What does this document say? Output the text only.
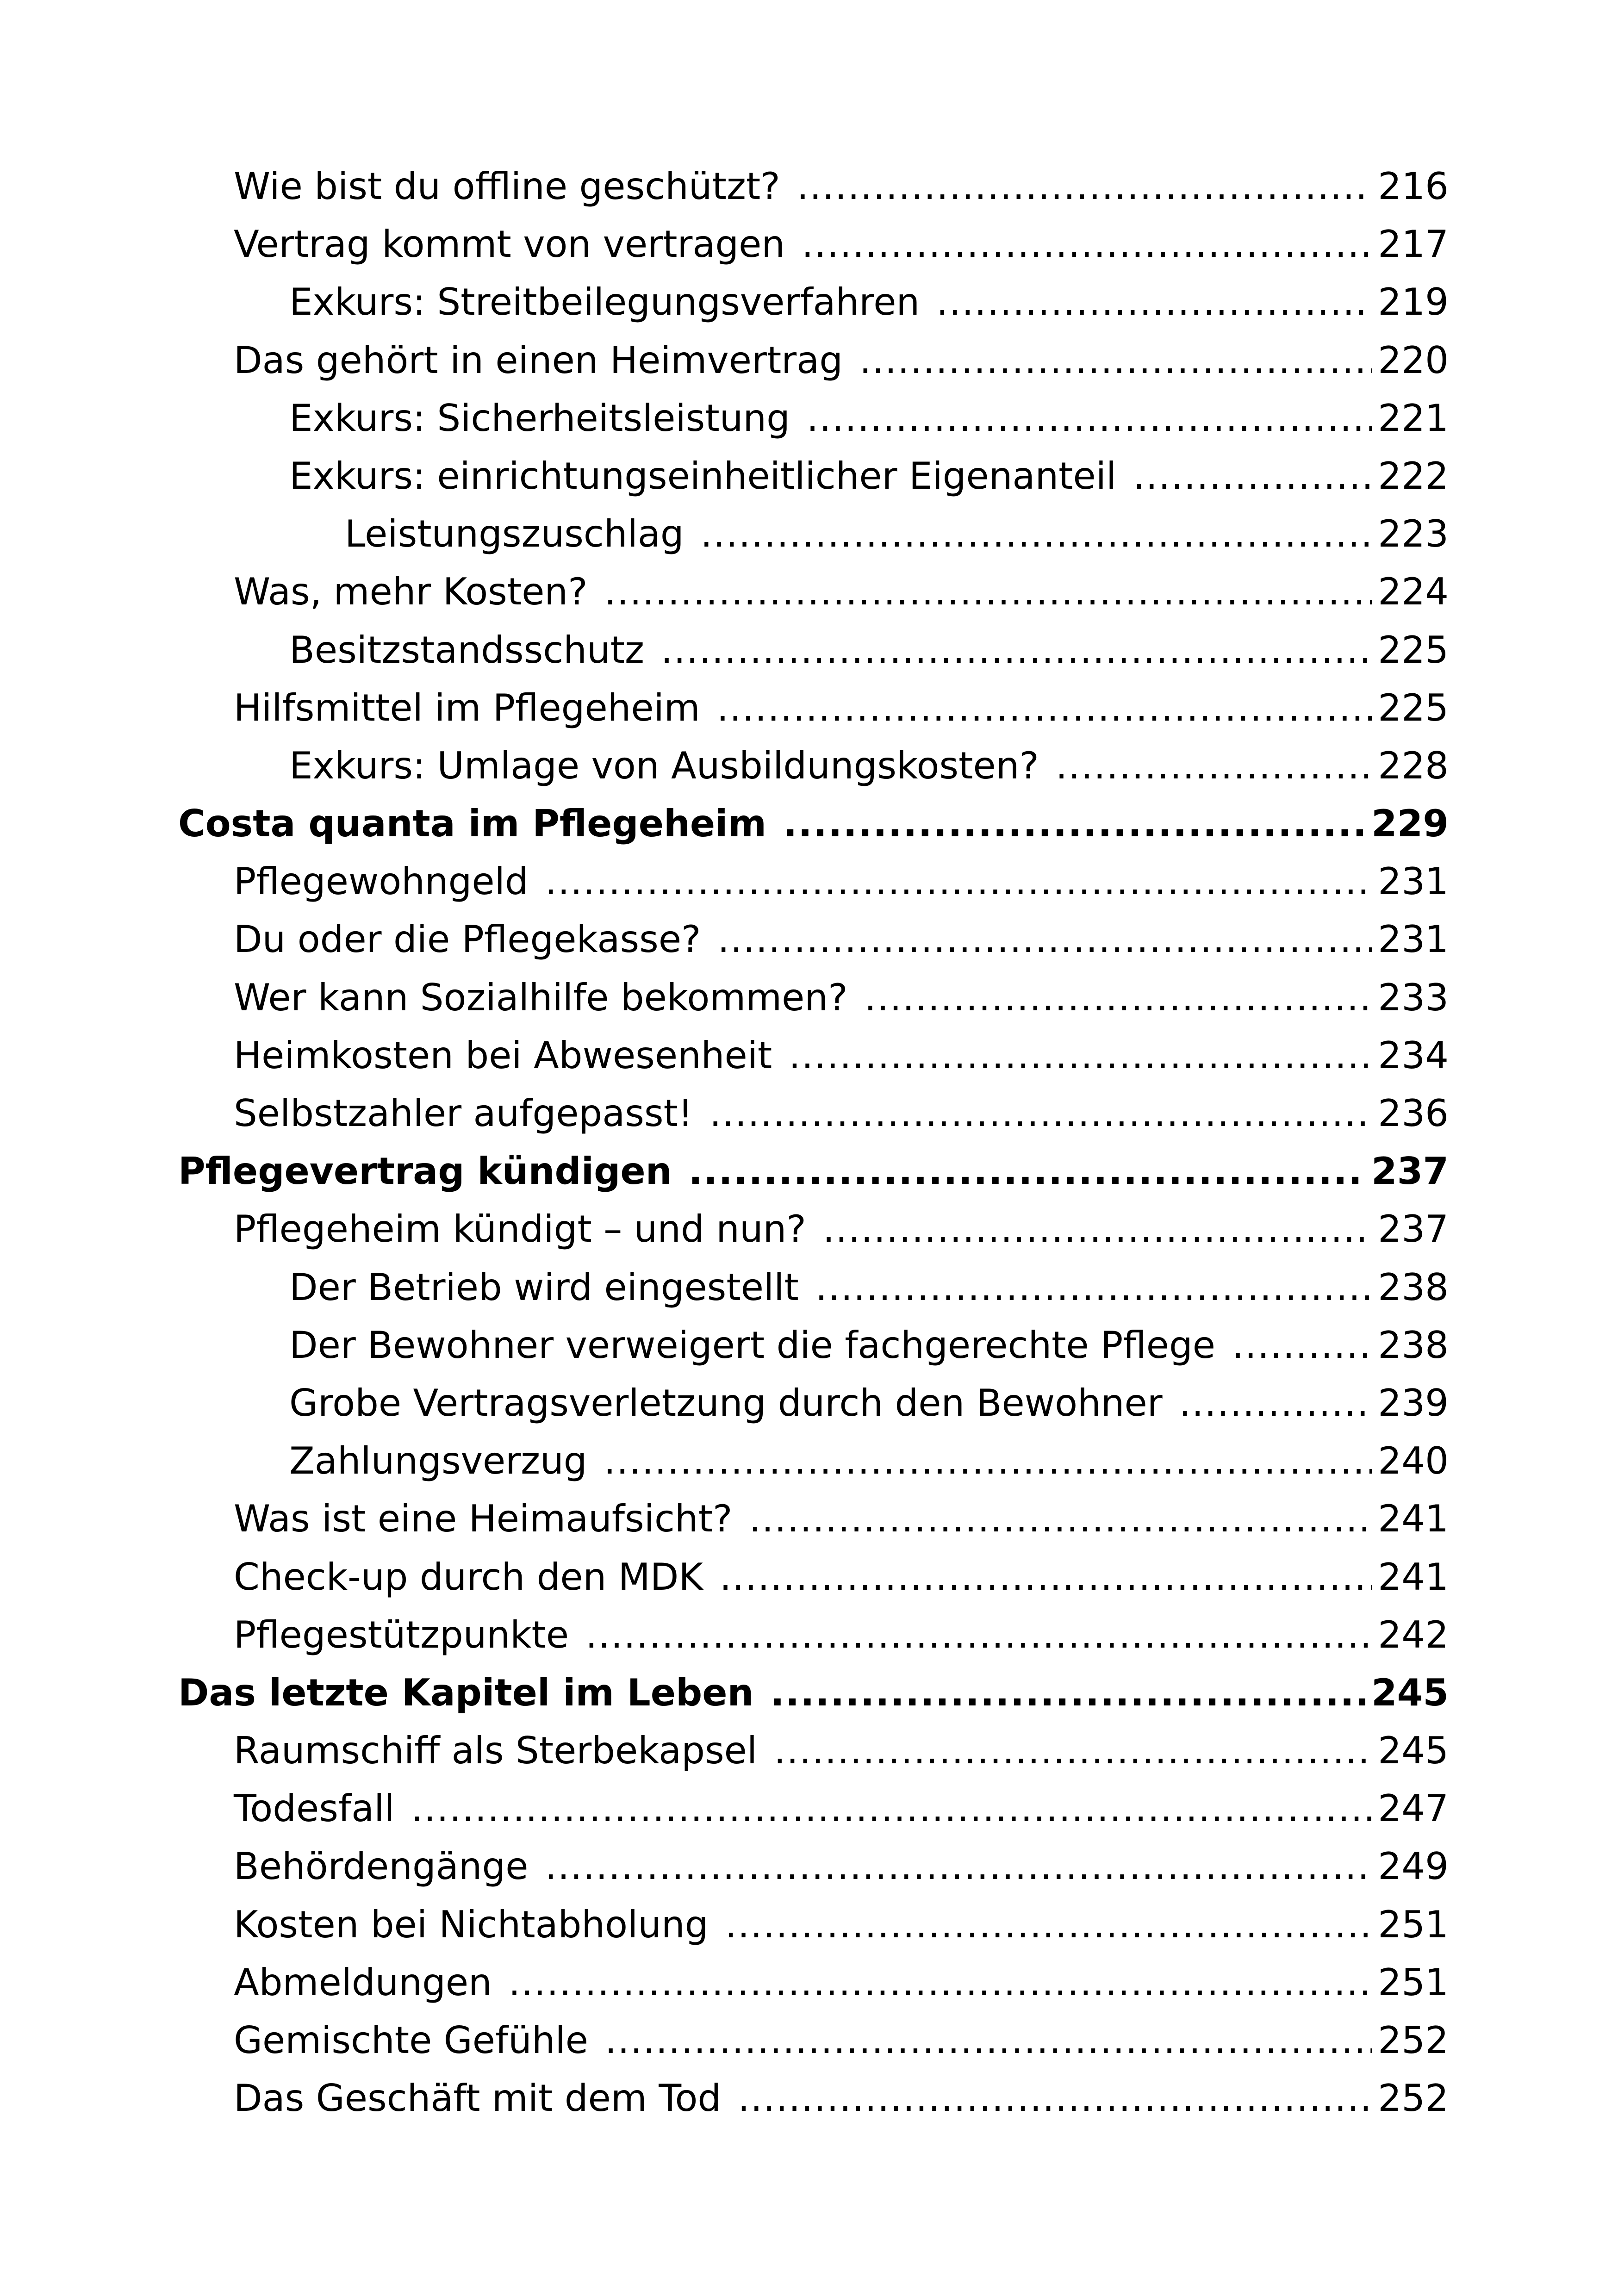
Wie bist du offline geschützt? .....	216
Vertrag kommt von vertragen .....	217
Exkurs: Streitbeilegungsverfahren .....	219
Das gehört in einen Heimvertrag .....	220
Exkurs: Sicherheitsleistung .....	221
Exkurs: einrichtungseinheitlicher Eigenanteil .....	222
Leistungszuschlag .....	223
Was, mehr Kosten? .....	224
Besitzstandsschutz .....	225
Hilfsmittel im Pflegeheim .....	225
Exkurs: Umlage von Ausbildungskosten? .....	228
Costa quanta im Pflegeheim .....	229
Pflegewohngeld .....	231
Du oder die Pflegekasse? .....	231
Wer kann Sozialhilfe bekommen? .....	233
Heimkosten bei Abwesenheit .....	234
Selbstzahler aufgepasst! .....	236
Pflegevertrag kündigen .....	237
Pflegeheim kündigt – und nun? .....	237
Der Betrieb wird eingestellt .....	238
Der Bewohner verweigert die fachgerechte Pflege .....	238
Grobe Vertragsverletzung durch den Bewohner .....	239
Zahlungsverzug .....	240
Was ist eine Heimaufsicht? .....	241
Check-up durch den MDK .....	241
Pflegestützpunkte .....	242
Das letzte Kapitel im Leben .....	245
Raumschiff als Sterbekapsel .....	245
Todesfall .....	247
Behördengänge .....	249
Kosten bei Nichtabholung .....	251
Abmeldungen .....	251
Gemischte Gefühle .....	252
Das Geschäft mit dem Tod .....	252
